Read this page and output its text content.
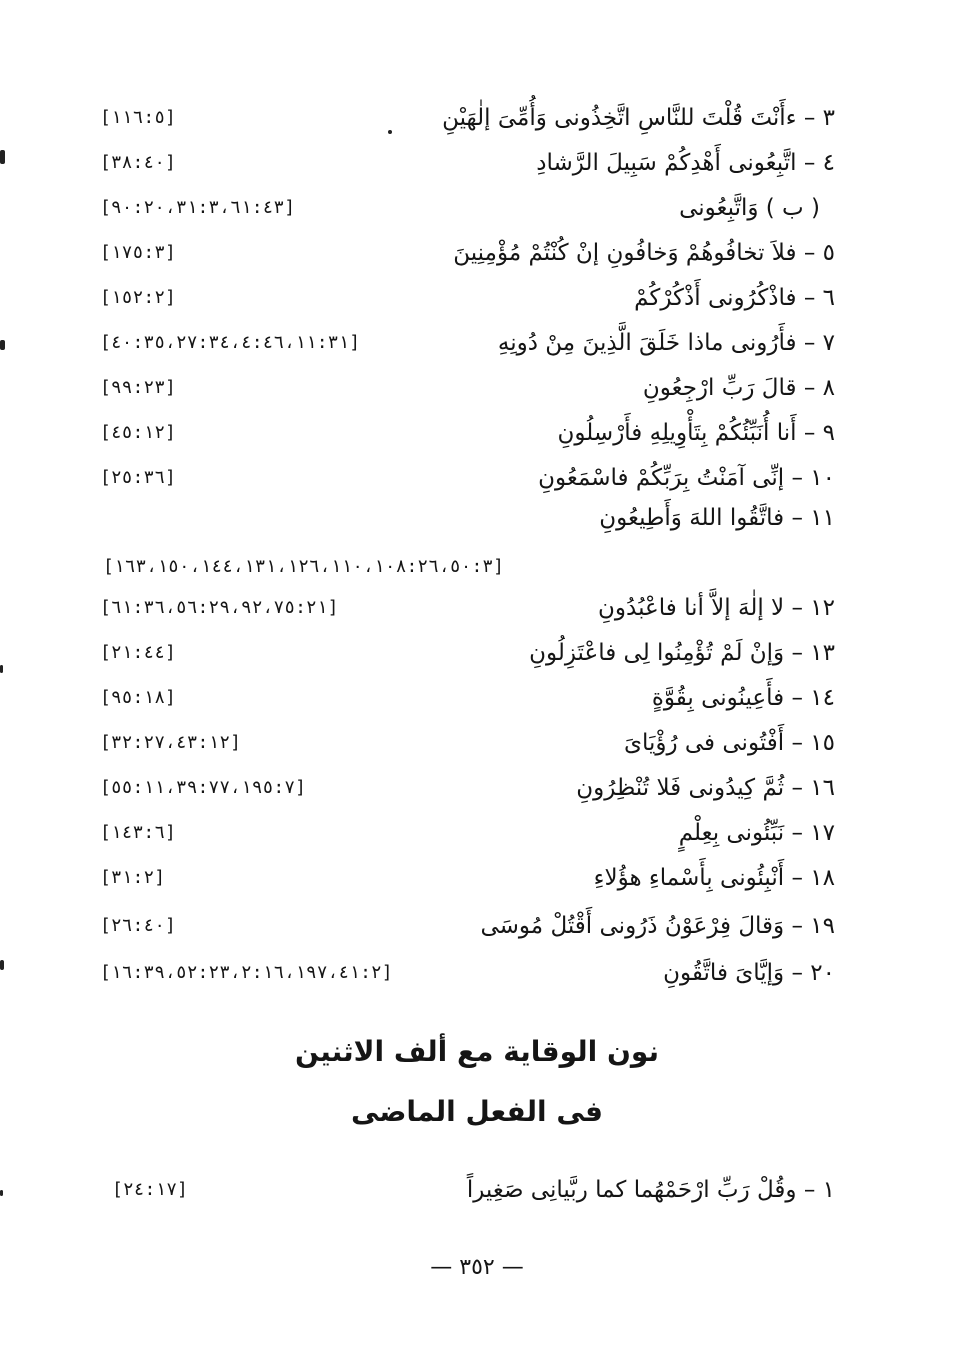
٣ – ءأَنْتَ قُلْتَ للنَّاسِ اتَّخِذُونى وَأُمِّىَ إلٰهَيْنِ
[١١٦:٥]
٤ – اتَّبِعُونى أَهْدِكُمْ سَبِيلَ الرَّشادِ
[٣٨:٤٠]
( ب ) وَاتَّبِعُونى
[٩٠:٢٠،٣١:٣،٦١:٤٣]
٥ – فلاَ تخافُوهُمْ وَخافُونِ إنْ كُنْتُمْ مُؤْمِنِينَ
[١٧٥:٣]
٦ – فاذْكُرُونى أَذْكُرْكُمْ
[١٥٢:٢]
٧ – فأَرُونى ماذا خَلَقَ الَّذِينَ مِنْ دُونِهِ
[٤٠:٣٥،٢٧:٣٤،٤:٤٦،١١:٣١]
٨ – قالَ رَبِّ ارْجِعُونِ
[٩٩:٢٣]
٩ – أَنا أُنَبِّئُكُمْ بِتَأْوِيلِهِ فأَرْسِلُونِ
[٤٥:١٢]
١٠ – إنِّى آمَنْتُ بِرَبِّكُمْ فاسْمَعُونِ
[٢٥:٣٦]
١١ – فاتَّقُوا اللهَ وَأَطِيعُونِ
[١٦٣،١٥٠،١٤٤،١٣١،١٢٦،١١٠،١٠٨:٢٦،٥٠:٣]
١٢ – لا إلٰهَ إلاَّ أنا فاعْبُدُونِ
[٦١:٣٦،٥٦:٢٩،٩٢،٧٥:٢١]
١٣ – وَإنْ لَمْ تُؤْمِنُوا لِى فاعْتَزِلُونِ
[٢١:٤٤]
١٤ – فأَعِينُونى بِقُوَّةٍ
[٩٥:١٨]
١٥ – أَفْتُونى فى رُؤْيَاىَ
[٣٢:٢٧،٤٣:١٢]
١٦ – ثُمَّ كِيدُونى فَلا تُنْظِرُونِ
[٥٥:١١،٣٩:٧٧،١٩٥:٧]
١٧ – نَبِّئُونى بِعِلْمٍ
[١٤٣:٦]
١٨ – أَنْبِئُونى بِأَسْماءِ هؤُلاءِ
[٣١:٢]
١٩ – وَقالَ فِرْعَوْنُ ذَرُونى أَقْتُلْ مُوسَى
[٢٦:٤٠]
٢٠ – وَإيَّاىَ فاتَّقُونِ
[١٦:٣٩،٥٢:٢٣،٢:١٦،١٩٧،٤١:٢]
نون الوقاية مع ألف الاثنين
فى الفعل الماضى
١ – وقُلْ رَبِّ ارْحَمْهُما كما ربَّيانِى صَغِيراً
[٢٤:١٧]
— ٣٥٢ —
